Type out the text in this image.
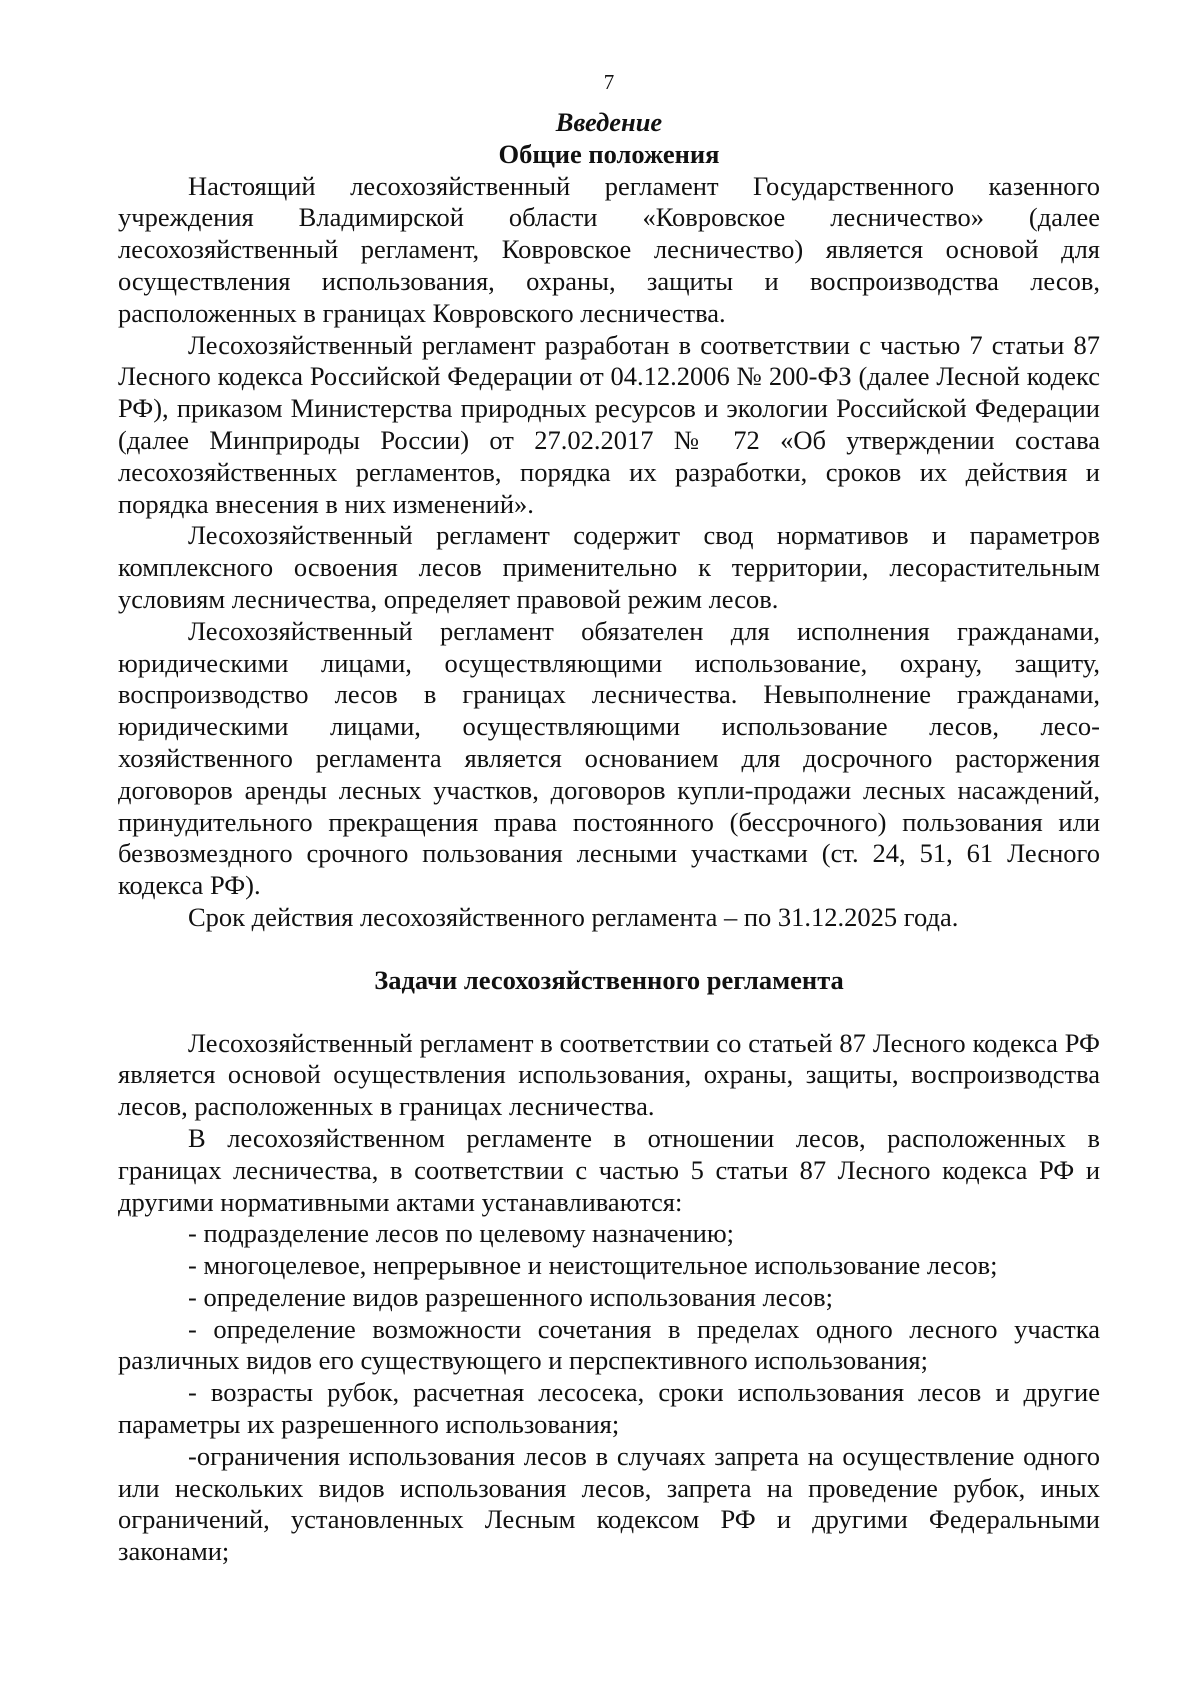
7
Введение
Общие положения

Настоящий лесохозяйственный регламент Государственного казенного учреждения Владимирской области «Ковровское лесничество» (далее лесохозяйственный регламент, Ковровское лесничество) является основой для осуществления использования, охраны, защиты и воспроизводства лесов, расположенных в границах Ковровского лесничества.

Лесохозяйственный регламент разработан в соответствии с частью 7 статьи 87 Лесного кодекса Российской Федерации от 04.12.2006 № 200-ФЗ (далее Лесной кодекс РФ), приказом Министерства природных ресурсов и экологии Российской Федерации (далее Минприроды России) от 27.02.2017 № 72 «Об утверждении состава лесохозяйственных регламентов, порядка их разработки, сроков их действия и порядка внесения в них изменений».

Лесохозяйственный регламент содержит свод нормативов и параметров комплексного освоения лесов применительно к территории, лесорастительным условиям лесничества, определяет правовой режим лесов.

Лесохозяйственный регламент обязателен для исполнения гражданами, юридическими лицами, осуществляющими использование, охрану, защиту, воспроизводство лесов в границах лесничества. Невыполнение гражданами, юридическими лицами, осуществляющими использование лесов, лесо-хозяйственного регламента является основанием для досрочного расторжения договоров аренды лесных участков, договоров купли-продажи лесных насаждений, принудительного прекращения права постоянного (бессрочного) пользования или безвозмездного срочного пользования лесными участками (ст. 24, 51, 61 Лесного кодекса РФ).

Срок действия лесохозяйственного регламента – по 31.12.2025 года.

Задачи лесохозяйственного регламента

Лесохозяйственный регламент в соответствии со статьей 87 Лесного кодекса РФ является основой осуществления использования, охраны, защиты, воспроизводства лесов, расположенных в границах лесничества.

В лесохозяйственном регламенте в отношении лесов, расположенных в границах лесничества, в соответствии с частью 5 статьи 87 Лесного кодекса РФ и другими нормативными актами устанавливаются:

- подразделение лесов по целевому назначению;

- многоцелевое, непрерывное и неистощительное использование лесов;

- определение видов разрешенного использования лесов;

- определение возможности сочетания в пределах одного лесного участка различных видов его существующего и перспективного использования;

- возрасты рубок, расчетная лесосека, сроки использования лесов и другие параметры их разрешенного использования;

-ограничения использования лесов в случаях запрета на осуществление одного или нескольких видов использования лесов, запрета на проведение рубок, иных ограничений, установленных Лесным кодексом РФ и другими Федеральными законами;
